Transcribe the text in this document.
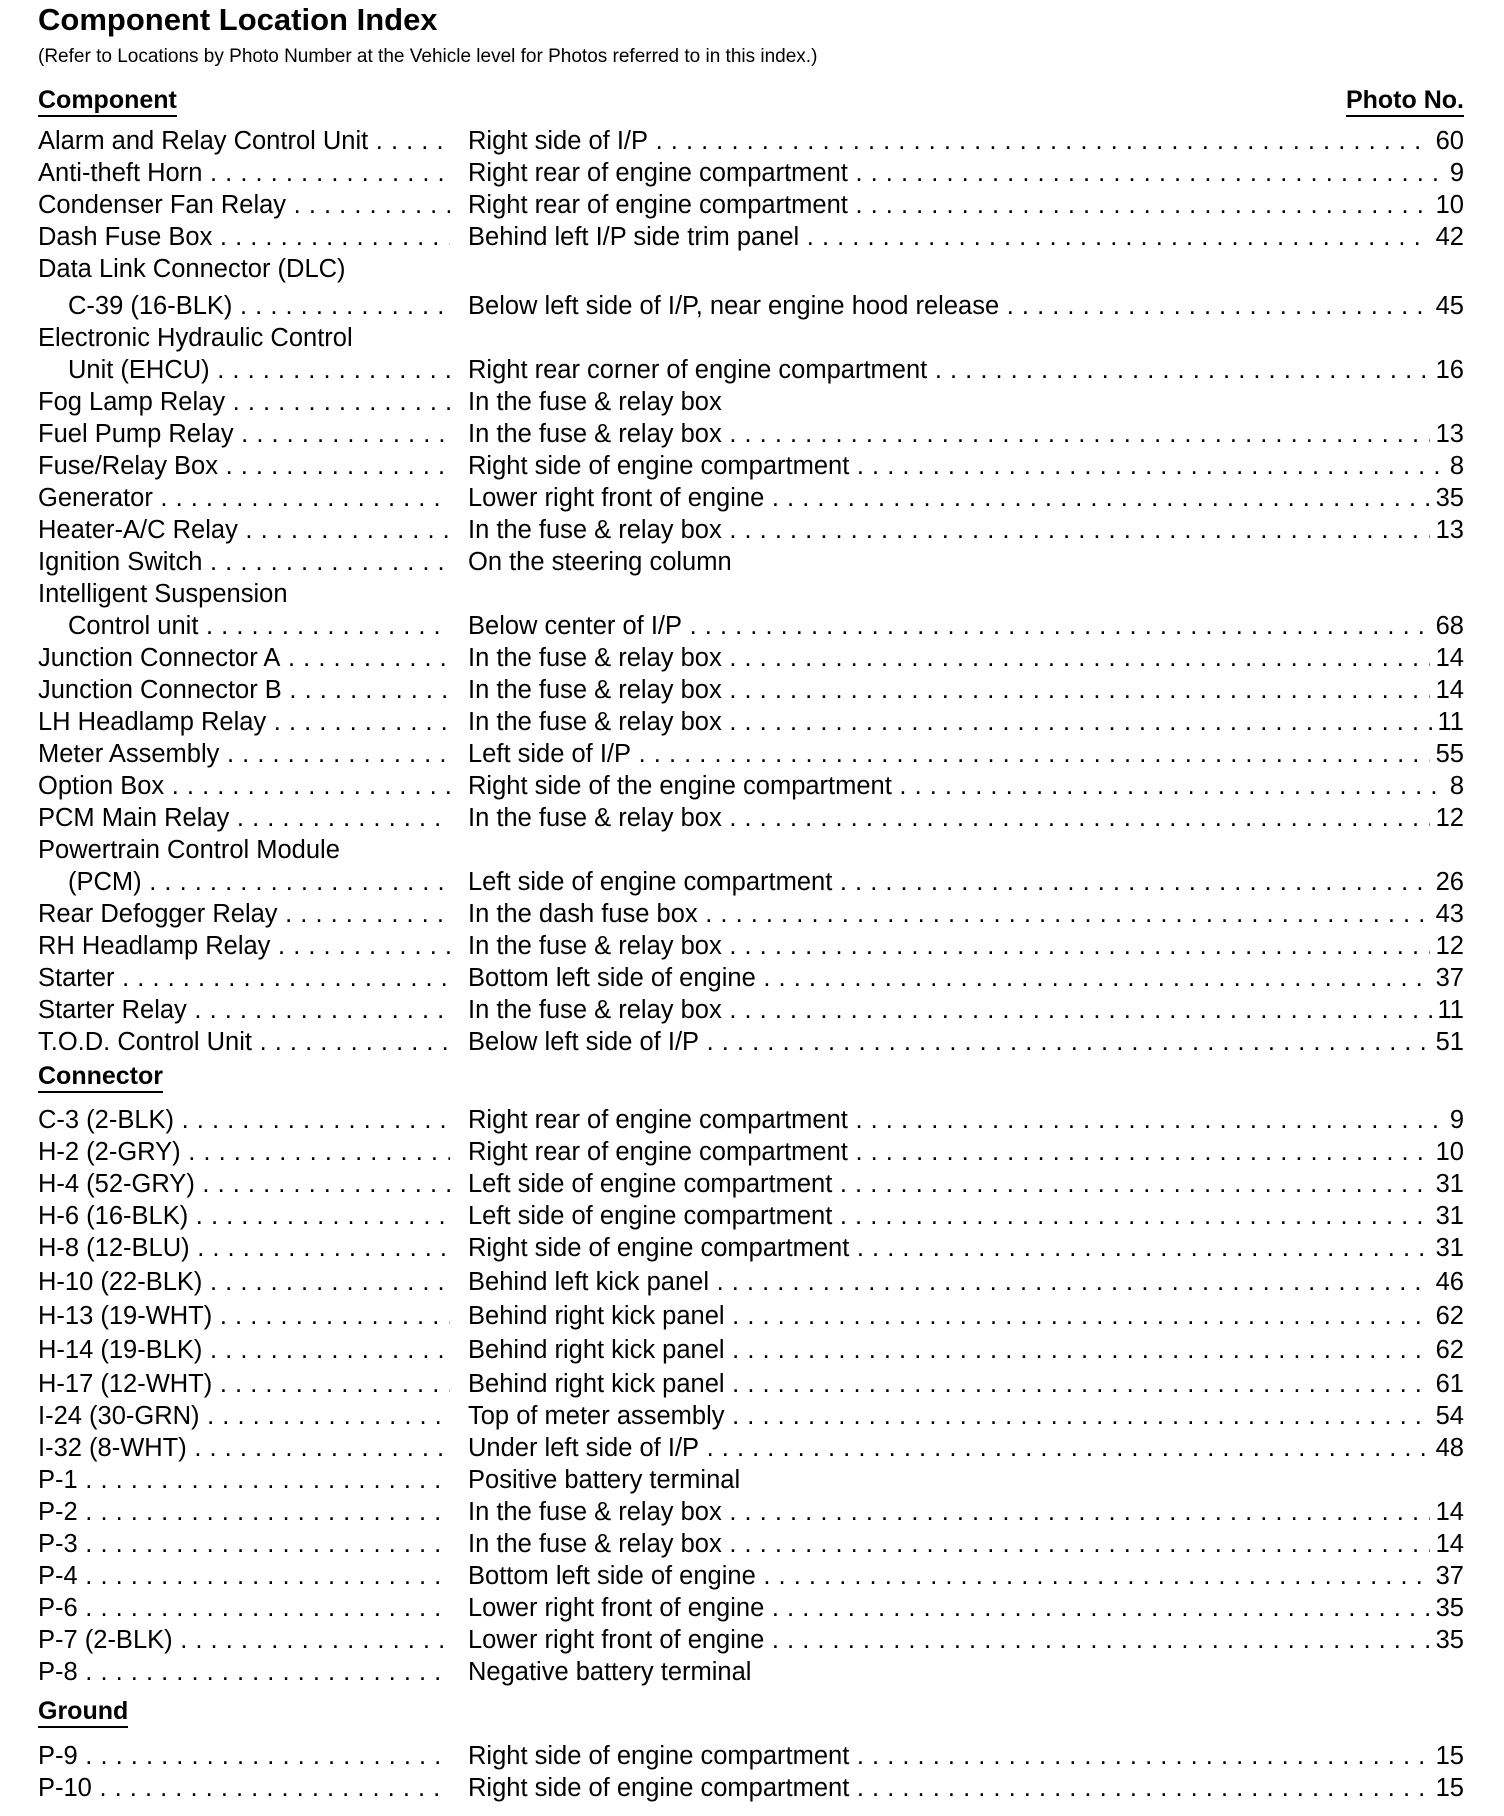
Component Location Index
(Refer to Locations by Photo Number at the Vehicle level for Photos referred to in this index.)
Component	Photo No.
Alarm and Relay Control Unit . . .	Right side of I/P . . .	60
Anti-theft Horn . . .	Right rear of engine compartment . . .	9
Condenser Fan Relay . . .	Right rear of engine compartment . . .	10
Dash Fuse Box . . .	Behind left I/P side trim panel . . .	42
Data Link Connector (DLC)
C-39 (16-BLK) . . .	Below left side of I/P, near engine hood release . . .	45
Electronic Hydraulic Control
Unit (EHCU) . . .	Right rear corner of engine compartment . . .	16
Fog Lamp Relay . . .	In the fuse & relay box
Fuel Pump Relay . . .	In the fuse & relay box . . .	13
Fuse/Relay Box . . .	Right side of engine compartment . . .	8
Generator . . .	Lower right front of engine . . .	35
Heater-A/C Relay . . .	In the fuse & relay box . . .	13
Ignition Switch . . .	On the steering column
Intelligent Suspension
Control unit . . .	Below center of I/P . . .	68
Junction Connector A . . .	In the fuse & relay box . . .	14
Junction Connector B . . .	In the fuse & relay box . . .	14
LH Headlamp Relay . . .	In the fuse & relay box . . .	11
Meter Assembly . . .	Left side of I/P . . .	55
Option Box . . .	Right side of the engine compartment . . .	8
PCM Main Relay . . .	In the fuse & relay box . . .	12
Powertrain Control Module
(PCM) . . .	Left side of engine compartment . . .	26
Rear Defogger Relay . . .	In the dash fuse box . . .	43
RH Headlamp Relay . . .	In the fuse & relay box . . .	12
Starter . . .	Bottom left side of engine . . .	37
Starter Relay . . .	In the fuse & relay box . . .	11
T.O.D. Control Unit . . .	Below left side of I/P . . .	51
Connector
C-3 (2-BLK) . . .	Right rear of engine compartment . . .	9
H-2 (2-GRY) . . .	Right rear of engine compartment . . .	10
H-4 (52-GRY) . . .	Left side of engine compartment . . .	31
H-6 (16-BLK) . . .	Left side of engine compartment . . .	31
H-8 (12-BLU) . . .	Right side of engine compartment . . .	31
H-10 (22-BLK) . . .	Behind left kick panel . . .	46
H-13 (19-WHT) . . .	Behind right kick panel . . .	62
H-14 (19-BLK) . . .	Behind right kick panel . . .	62
H-17 (12-WHT) . . .	Behind right kick panel . . .	61
I-24 (30-GRN) . . .	Top of meter assembly . . .	54
I-32 (8-WHT) . . .	Under left side of I/P . . .	48
P-1 . . .	Positive battery terminal
P-2 . . .	In the fuse & relay box . . .	14
P-3 . . .	In the fuse & relay box . . .	14
P-4 . . .	Bottom left side of engine . . .	37
P-6 . . .	Lower right front of engine . . .	35
P-7 (2-BLK) . . .	Lower right front of engine . . .	35
P-8 . . .	Negative battery terminal
Ground
P-9 . . .	Right side of engine compartment . . .	15
P-10 . . .	Right side of engine compartment . . .	15
